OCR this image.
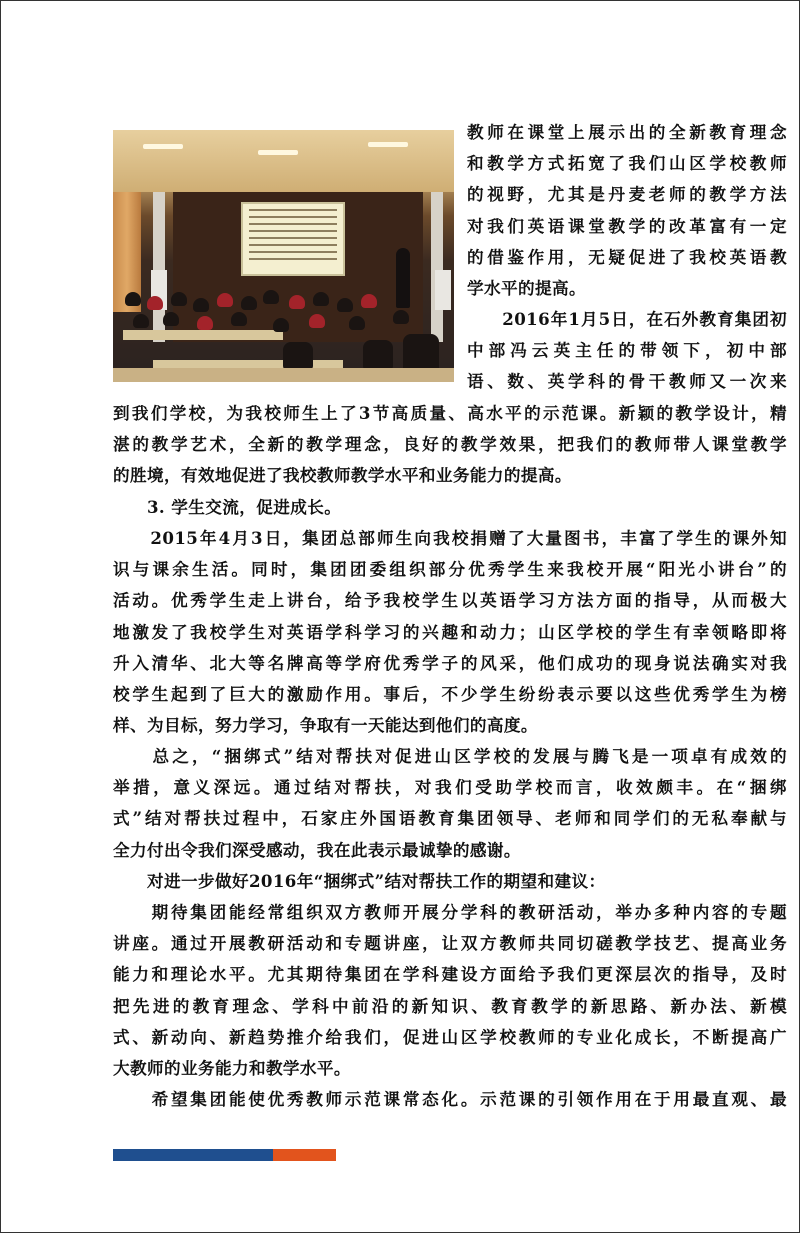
教师在课堂上展示出的全新教育理念
和教学方式拓宽了我们山区学校教师
的视野，尤其是丹麦老师的教学方法
对我们英语课堂教学的改革富有一定
的借鉴作用，无疑促进了我校英语教
学水平的提高。
　　2016年1月5日，在石外教育集团初
中部冯云英主任的带领下，初中部
语、数、英学科的骨干教师又一次来
到我们学校，为我校师生上了3节高质量、高水平的示范课。新颖的教学设计，精
湛的教学艺术，全新的教学理念，良好的教学效果，把我们的教师带人课堂教学
的胜境，有效地促进了我校教师教学水平和业务能力的提高。
　　3. 学生交流，促进成长。
　　2015年4月3日，集团总部师生向我校捐赠了大量图书，丰富了学生的课外知
识与课余生活。同时，集团团委组织部分优秀学生来我校开展“阳光小讲台”的
活动。优秀学生走上讲台，给予我校学生以英语学习方法方面的指导，从而极大
地激发了我校学生对英语学科学习的兴趣和动力；山区学校的学生有幸领略即将
升入清华、北大等名牌高等学府优秀学子的风采，他们成功的现身说法确实对我
校学生起到了巨大的激励作用。事后，不少学生纷纷表示要以这些优秀学生为榜
样、为目标，努力学习，争取有一天能达到他们的高度。
　　总之，“捆绑式”结对帮扶对促进山区学校的发展与腾飞是一项卓有成效的
举措，意义深远。通过结对帮扶，对我们受助学校而言，收效颇丰。在“捆绑
式”结对帮扶过程中，石家庄外国语教育集团领导、老师和同学们的无私奉献与
全力付出令我们深受感动，我在此表示最诚挚的感谢。
　　对进一步做好2016年“捆绑式”结对帮扶工作的期望和建议：
　　期待集团能经常组织双方教师开展分学科的教研活动，举办多种内容的专题
讲座。通过开展教研活动和专题讲座，让双方教师共同切磋教学技艺、提高业务
能力和理论水平。尤其期待集团在学科建设方面给予我们更深层次的指导，及时
把先进的教育理念、学科中前沿的新知识、教育教学的新思路、新办法、新模
式、新动向、新趋势推介给我们，促进山区学校教师的专业化成长，不断提高广
大教师的业务能力和教学水平。
　　希望集团能使优秀教师示范课常态化。示范课的引领作用在于用最直观、最
